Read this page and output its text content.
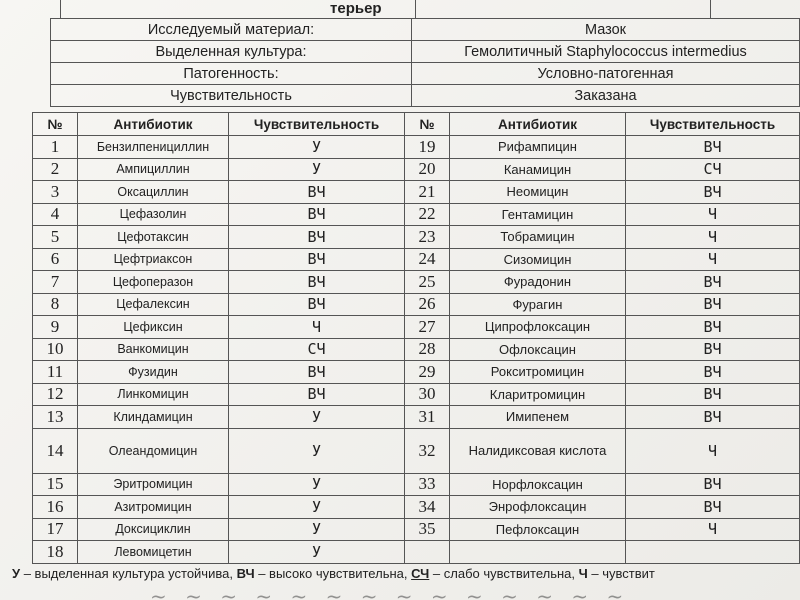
терьер
Исследуемый материал:	Мазок
Выделенная культура:	Гемолитичный Staphylococcus intermedius
Патогенность:	Условно-патогенная
Чувствительность	Заказана
№	Антибиотик	Чувствительность	№	Антибиотик	Чувствительность
1	Бензилпенициллин	У	19	Рифампицин	ВЧ
2	Ампициллин	У	20	Канамицин	СЧ
3	Оксациллин	ВЧ	21	Неомицин	ВЧ
4	Цефазолин	ВЧ	22	Гентамицин	Ч
5	Цефотаксин	ВЧ	23	Тобрамицин	Ч
6	Цефтриаксон	ВЧ	24	Сизомицин	Ч
7	Цефоперазон	ВЧ	25	Фурадонин	ВЧ
8	Цефалексин	ВЧ	26	Фурагин	ВЧ
9	Цефиксин	Ч	27	Ципрофлоксацин	ВЧ
10	Ванкомицин	СЧ	28	Офлоксацин	ВЧ
11	Фузидин	ВЧ	29	Рокситромицин	ВЧ
12	Линкомицин	ВЧ	30	Кларитромицин	ВЧ
13	Клиндамицин	У	31	Имипенем	ВЧ
14	Олеандомицин	У	32	Налидиксовая кислота	Ч
15	Эритромицин	У	33	Норфлоксацин	ВЧ
16	Азитромицин	У	34	Энрофлоксацин	ВЧ
17	Доксициклин	У	35	Пефлоксацин	Ч
18	Левомицетин	У			
У – выделенная культура устойчива, ВЧ – высоко чувствительна, СЧ – слабо чувствительна, Ч – чувствит
~ ~ ~ ~ ~ ~ ~ ~ ~ ~ ~ ~ ~ ~
